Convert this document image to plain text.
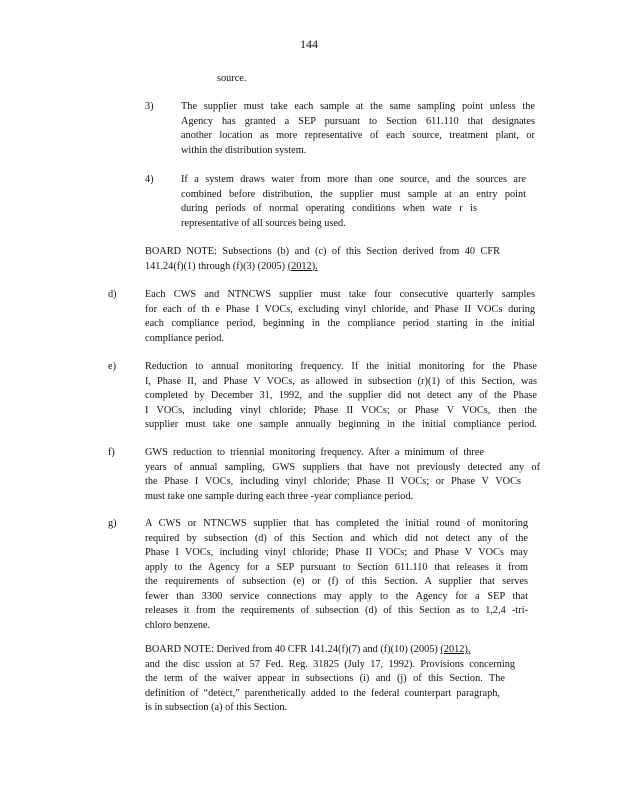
144
source.
3)	The supplier must take each sample at the same sampling point unless the
Agency has granted a SEP pursuant to Section 611.110 that designates
another location as more representative of each source, treatment plant, or
within the distribution system.
4)	If a system draws water from more than one source, and the sources are
combined before distribution, the supplier must sample at an entry point
during periods of normal operating conditions when wate r is
representative of all sources being used.
BOARD NOTE: Subsections (b) and (c) of this Section derived from 40 CFR
141.24(f)(1) through (f)(3) (2005) (2012).
d)	Each CWS and NTNCWS supplier must take four consecutive quarterly samples
for each of th e Phase I VOCs, excluding vinyl chloride, and Phase II VOCs during
each compliance period, beginning in the compliance period starting in the initial
compliance period.
e)	Reduction to annual monitoring frequency. If the initial monitoring for the Phase
I, Phase II, and Phase V VOCs, as allowed in subsection (r)(1) of this Section, was
completed by December 31, 1992, and the supplier did not detect any of the Phase
I VOCs, including vinyl chloride; Phase II VOCs; or Phase V VOCs, then the
supplier must take one sample annually beginning in the initial compliance period.
f)	GWS reduction to triennial monitoring frequency. After a minimum of three
years of annual sampling, GWS suppliers that have not previously detected any of
the Phase I VOCs, including vinyl chloride; Phase II VOCs; or Phase V VOCs
must take one sample during each three -year compliance period.
g)	A CWS or NTNCWS supplier that has completed the initial round of monitoring
required by subsection (d) of this Section and which did not detect any of the
Phase I VOCs, including vinyl chloride; Phase II VOCs; and Phase V VOCs may
apply to the Agency for a SEP pursuant to Section 611.110 that releases it from
the requirements of subsection (e) or (f) of this Section. A supplier that serves
fewer than 3300 service connections may apply to the Agency for a SEP that
releases it from the requirements of subsection (d) of this Section as to 1,2,4 -tri-
chloro benzene.
BOARD NOTE: Derived from 40 CFR 141.24(f)(7) and (f)(10) (2005) (2012),
and the disc ussion at 57 Fed. Reg. 31825 (July 17, 1992). Provisions concerning
the term of the waiver appear in subsections (i) and (j) of this Section. The
definition of “detect,” parenthetically added to the federal counterpart paragraph,
is in subsection (a) of this Section.
